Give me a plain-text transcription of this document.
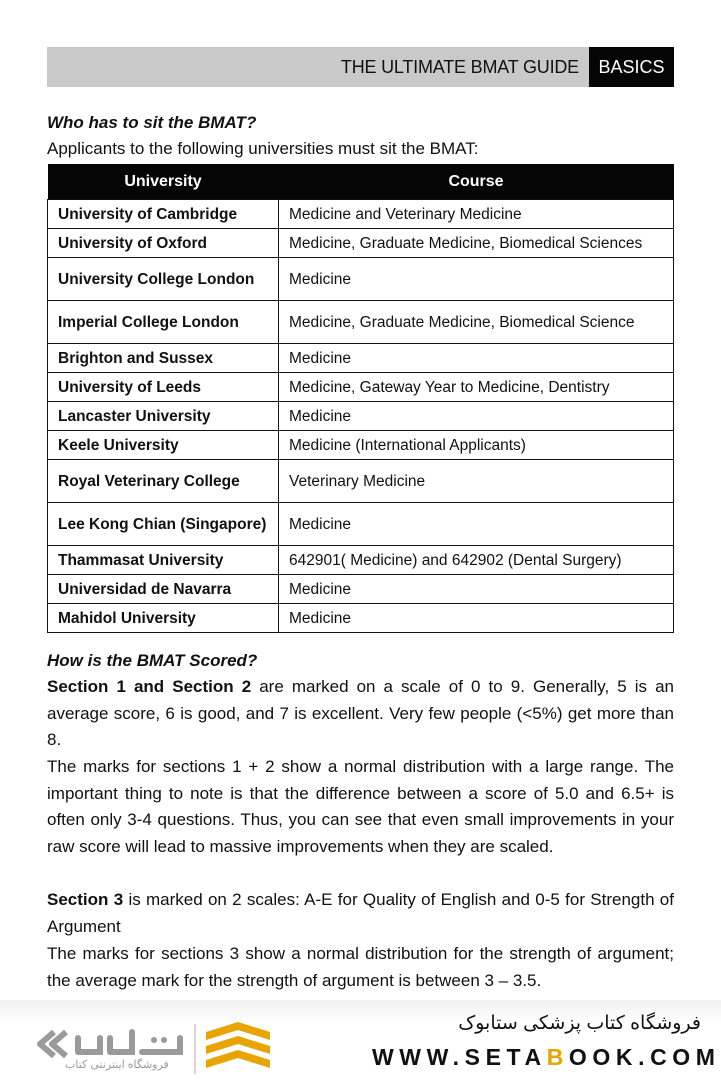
THE ULTIMATE BMAT GUIDE	BASICS
Who has to sit the BMAT?

Applicants to the following universities must sit the BMAT:

University	Course
University of Cambridge	Medicine and Veterinary Medicine
University of Oxford	Medicine, Graduate Medicine, Biomedical Sciences
University College London	Medicine
Imperial College London	Medicine, Graduate Medicine, Biomedical Science
Brighton and Sussex	Medicine
University of Leeds	Medicine, Gateway Year to Medicine, Dentistry
Lancaster University	Medicine
Keele University	Medicine (International Applicants)
Royal Veterinary College	Veterinary Medicine
Lee Kong Chian (Singapore)	Medicine
Thammasat University	642901( Medicine) and 642902 (Dental Surgery)
Universidad de Navarra	Medicine
Mahidol University	Medicine
How is the BMAT Scored?

Section 1 and Section 2 are marked on a scale of 0 to 9. Generally, 5 is an average score, 6 is good, and 7 is excellent. Very few people (<5%) get more than 8.

The marks for sections 1 + 2 show a normal distribution with a large range. The important thing to note is that the difference between a score of 5.0 and 6.5+ is often only 3-4 questions. Thus, you can see that even small improvements in your raw score will lead to massive improvements when they are scaled.

Section 3 is marked on 2 scales: A-E for Quality of English and 0-5 for Strength of Argument

The marks for sections 3 show a normal distribution for the strength of argument; the average mark for the strength of argument is between 3 – 3.5.

فروشگاه اینترنتی کتاب
فروشگاه کتاب پزشکی ستابوک
WWW.SETABOOK.COM
